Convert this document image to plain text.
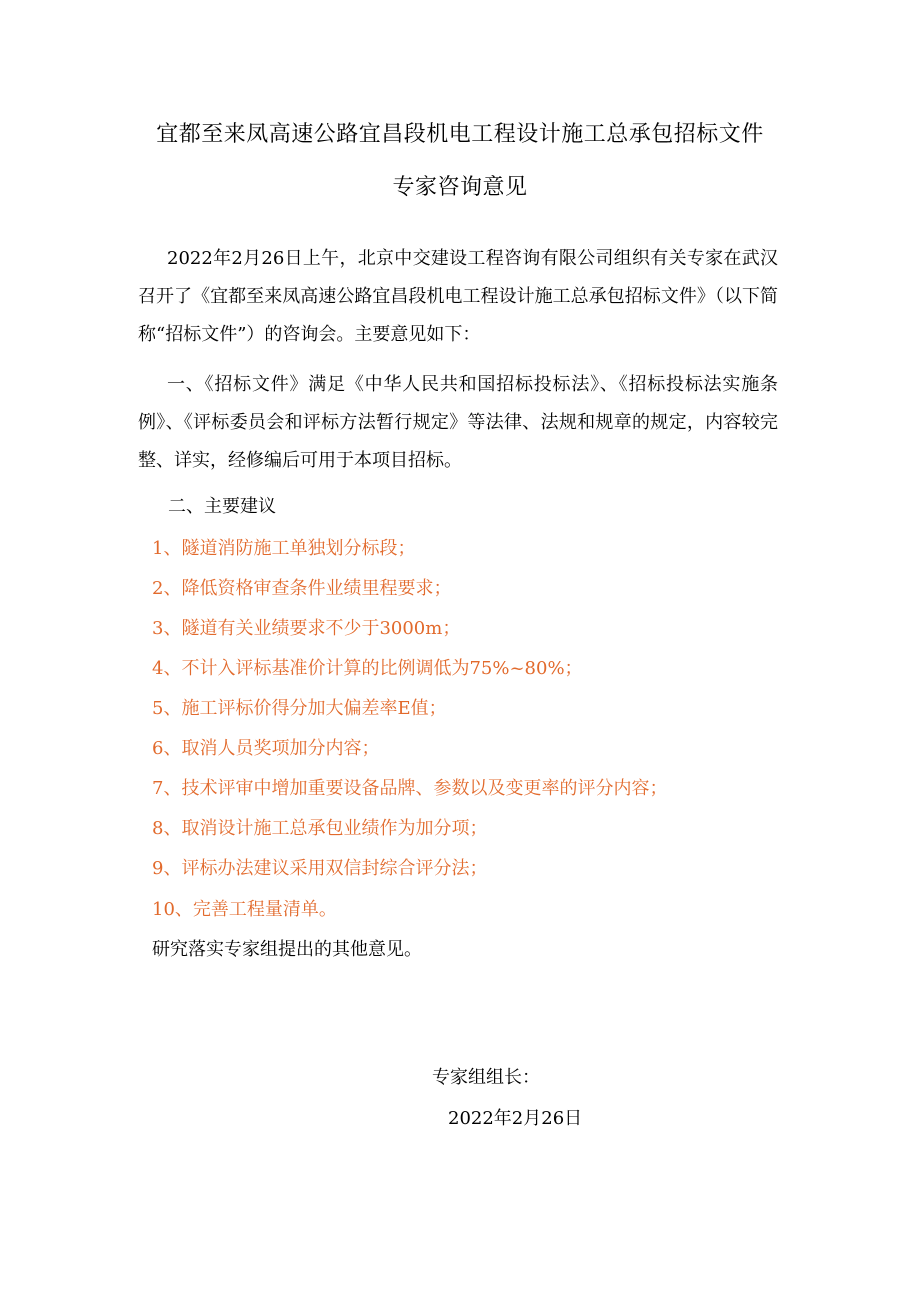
宜都至来凤高速公路宜昌段机电工程设计施工总承包招标文件
专家咨询意见
2022年2月26日上午，北京中交建设工程咨询有限公司组织有关专家在武汉召开了《宜都至来凤高速公路宜昌段机电工程设计施工总承包招标文件》（以下简称“招标文件”）的咨询会。主要意见如下：
一、《招标文件》满足《中华人民共和国招标投标法》、《招标投标法实施条例》、《评标委员会和评标方法暂行规定》等法律、法规和规章的规定，内容较完整、详实，经修编后可用于本项目招标。
二、主要建议
1、隧道消防施工单独划分标段；
2、降低资格审查条件业绩里程要求；
3、隧道有关业绩要求不少于3000m；
4、不计入评标基准价计算的比例调低为75%~80%；
5、施工评标价得分加大偏差率E值；
6、取消人员奖项加分内容；
7、技术评审中增加重要设备品牌、参数以及变更率的评分内容；
8、取消设计施工总承包业绩作为加分项；
9、评标办法建议采用双信封综合评分法；
10、完善工程量清单。
研究落实专家组提出的其他意见。
专家组组长：
2022年2月26日
